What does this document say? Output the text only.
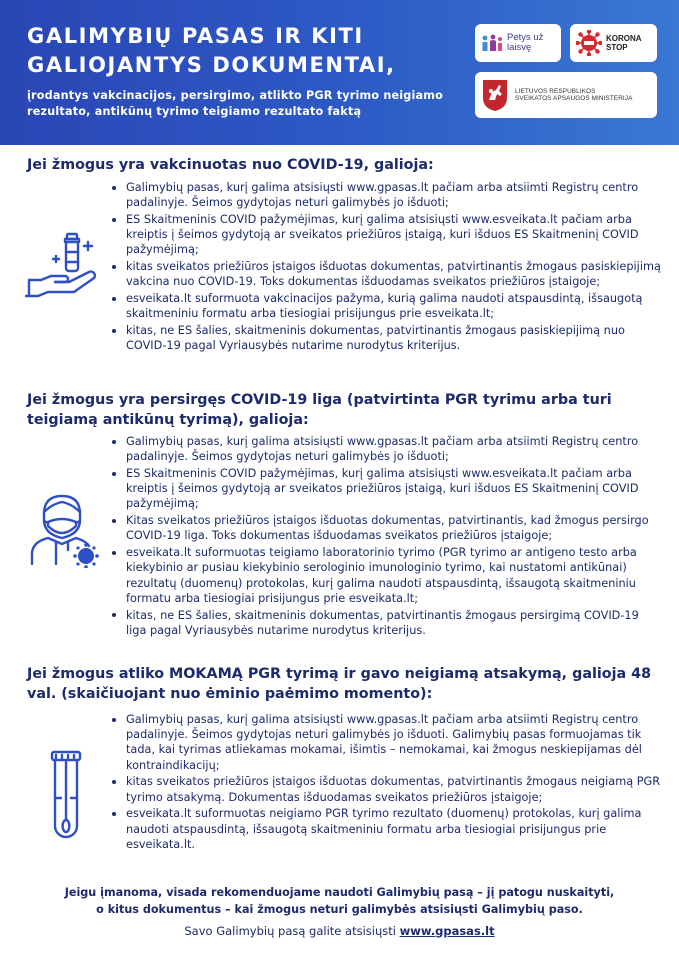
GALIMYBIŲ PASAS IR KITI
GALIOJANTYS DOKUMENTAI,
įrodantys vakcinacijos, persirgimo, atlikto PGR tyrimo neigiamo rezultato, antikūnų tyrimo teigiamo rezultato faktą
Petys už
laisvę
KORONA
STOP
LIETUVOS RESPUBLIKOS
SVEIKATOS APSAUGOS MINISTERIJA
Jei žmogus yra vakcinuotas nuo COVID-19, galioja:
Galimybių pasas, kurį galima atsisiųsti www.gpasas.lt pačiam arba atsiimti Registrų centro padalinyje. Šeimos gydytojas neturi galimybės jo išduoti;
ES Skaitmeninis COVID pažymėjimas, kurį galima atsisiųsti www.esveikata.lt pačiam arba kreiptis į šeimos gydytoją ar sveikatos priežiūros įstaigą, kuri išduos ES Skaitmeninį COVID pažymėjimą;
kitas sveikatos priežiūros įstaigos išduotas dokumentas, patvirtinantis žmogaus pasiskiepijimą vakcina nuo COVID-19. Toks dokumentas išduodamas sveikatos priežiūros įstaigoje;
esveikata.lt suformuota vakcinacijos pažyma, kurią galima naudoti atspausdintą, išsaugotą skaitmeniniu formatu arba tiesiogiai prisijungus prie esveikata.lt;
kitas, ne ES šalies, skaitmeninis dokumentas, patvirtinantis žmogaus pasiskiepijimą nuo COVID-19 pagal Vyriausybės nutarime nurodytus kriterijus.
Jei žmogus yra persirgęs COVID-19 liga (patvirtinta PGR tyrimu arba turi teigiamą antikūnų tyrimą), galioja:
Galimybių pasas, kurį galima atsisiųsti www.gpasas.lt pačiam arba atsiimti Registrų centro padalinyje. Šeimos gydytojas neturi galimybės jo išduoti;
ES Skaitmeninis COVID pažymėjimas, kurį galima atsisiųsti www.esveikata.lt pačiam arba kreiptis į šeimos gydytoją ar sveikatos priežiūros įstaigą, kuri išduos ES Skaitmeninį COVID pažymėjimą;
Kitas sveikatos priežiūros įstaigos išduotas dokumentas, patvirtinantis, kad žmogus persirgo COVID-19 liga. Toks dokumentas išduodamas sveikatos priežiūros įstaigoje;
esveikata.lt suformuotas teigiamo laboratorinio tyrimo (PGR tyrimo ar antigeno testo arba kiekybinio ar pusiau kiekybinio serologinio imunologinio tyrimo, kai nustatomi antikūnai) rezultatų (duomenų) protokolas, kurį galima naudoti atspausdintą, išsaugotą skaitmeniniu formatu arba tiesiogiai prisijungus prie esveikata.lt;
kitas, ne ES šalies, skaitmeninis dokumentas, patvirtinantis žmogaus persirgimą COVID-19 liga pagal Vyriausybės nutarime nurodytus kriterijus.
Jei žmogus atliko MOKAMĄ PGR tyrimą ir gavo neigiamą atsakymą, galioja 48 val. (skaičiuojant nuo ėminio paėmimo momento):
Galimybių pasas, kurį galima atsisiųsti www.gpasas.lt pačiam arba atsiimti Registrų centro padalinyje. Šeimos gydytojas neturi galimybės jo išduoti. Galimybių pasas formuojamas tik tada, kai tyrimas atliekamas mokamai, išimtis – nemokamai, kai žmogus neskiepijamas dėl kontraindikacijų;
kitas sveikatos priežiūros įstaigos išduotas dokumentas, patvirtinantis žmogaus neigiamą PGR tyrimo atsakymą. Dokumentas išduodamas sveikatos priežiūros įstaigoje;
esveikata.lt suformuotas neigiamo PGR tyrimo rezultato (duomenų) protokolas, kurį galima naudoti atspausdintą, išsaugotą skaitmeniniu formatu arba tiesiogiai prisijungus prie esveikata.lt.
Jeigu įmanoma, visada rekomenduojame naudoti Galimybių pasą – jį patogu nuskaityti,
o kitus dokumentus – kai žmogus neturi galimybės atsisiųsti Galimybių paso.
Savo Galimybių pasą galite atsisiųsti www.gpasas.lt
